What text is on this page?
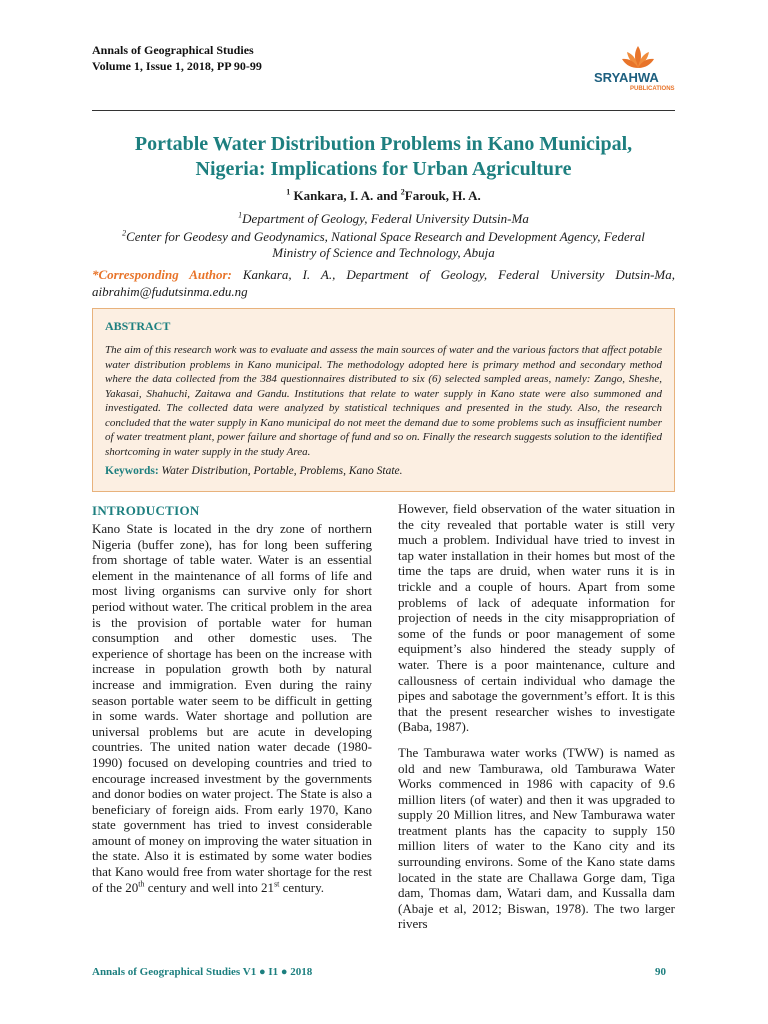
Annals of Geographical Studies
Volume 1, Issue 1, 2018, PP 90-99
SRYAHWA
PUBLICATIONS
Portable Water Distribution Problems in Kano Municipal,
Nigeria: Implications for Urban Agriculture
$^1$ Kankara, I. A. and $^2$Farouk, H. A.
$^1$Department of Geology, Federal University Dutsin-Ma
$^2$Center for Geodesy and Geodynamics, National Space Research and Development Agency, Federal
Ministry of Science and Technology, Abuja
*Corresponding Author: Kankara, I. A., Department of Geology, Federal University Dutsin-Ma, aibrahim@fudutsinma.edu.ng
ABSTRACT
The aim of this research work was to evaluate and assess the main sources of water and the various factors that affect potable water distribution problems in Kano municipal. The methodology adopted here is primary method and secondary method where the data collected from the 384 questionnaires distributed to six (6) selected sampled areas, namely: Zango, Sheshe, Yakasai, Shahuchi, Zaitawa and Gandu. Institutions that relate to water supply in Kano state were also summoned and investigated. The collected data were analyzed by statistical techniques and presented in the study. Also, the research concluded that the water supply in Kano municipal do not meet the demand due to some problems such as insufficient number of water treatment plant, power failure and shortage of fund and so on. Finally the research suggests solution to the identified shortcoming in water supply in the study Area.
Keywords: Water Distribution, Portable, Problems, Kano State.
INTRODUCTION

Kano State is located in the dry zone of northern Nigeria (buffer zone), has for long been suffering from shortage of table water. Water is an essential element in the maintenance of all forms of life and most living organisms can survive only for short period without water. The critical problem in the area is the provision of portable water for human consumption and other domestic uses. The experience of shortage has been on the increase with increase in population growth both by natural increase and immigration. Even during the rainy season portable water seem to be difficult in getting in some wards. Water shortage and pollution are universal problems but are acute in developing countries. The united nation water decade (1980-1990) focused on developing countries and tried to encourage increased investment by the governments and donor bodies on water project. The State is also a beneficiary of foreign aids. From early 1970, Kano state government has tried to invest considerable amount of money on improving the water situation in the state. Also it is estimated by some water bodies that Kano would free from water shortage for the rest of the 20th century and well into 21st century.

However, field observation of the water situation in the city revealed that portable water is still very much a problem. Individual have tried to invest in tap water installation in their homes but most of the time the taps are druid, when water runs it is in trickle and a couple of hours. Apart from some problems of lack of adequate information for projection of needs in the city misappropriation of some of the funds or poor management of some equipment’s also hindered the steady supply of water. There is a poor maintenance, culture and callousness of certain individual who damage the pipes and sabotage the government’s effort. It is this that the present researcher wishes to investigate (Baba, 1987).

The Tamburawa water works (TWW) is named as old and new Tamburawa, old Tamburawa Water Works commenced in 1986 with capacity of 9.6 million liters (of water) and then it was upgraded to supply 20 Million litres, and New Tamburawa water treatment plants has the capacity to supply 150 million liters of water to the Kano city and its surrounding environs. Some of the Kano state dams located in the state are Challawa Gorge dam, Tiga dam, Thomas dam, Watari dam, and Kussalla dam (Abaje et al, 2012; Biswan, 1978). The two larger rivers

Annals of Geographical Studies V1 ● I1 ● 2018	90
